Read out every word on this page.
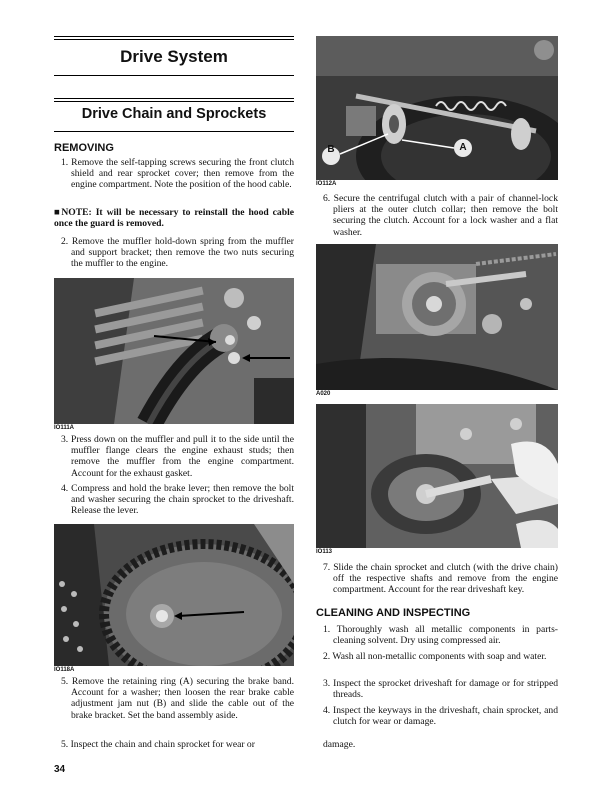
Drive System
Drive Chain and Sprockets
REMOVING
1. Remove the self-tapping screws securing the front clutch shield and rear sprocket cover; then remove from the engine compartment. Note the position of the hood cable.
■NOTE: It will be necessary to reinstall the hood cable once the guard is removed.
2. Remove the muffler hold-down spring from the muffler and support bracket; then remove the two nuts securing the muffler to the engine.
IO111A
3. Press down on the muffler and pull it to the side until the muffler flange clears the engine exhaust studs; then remove the muffler from the engine compartment. Account for the exhaust gasket.
4. Compress and hold the brake lever; then remove the bolt and washer securing the chain sprocket to the driveshaft. Release the lever.
IO118A
5. Remove the retaining ring (A) securing the brake band. Account for a washer; then loosen the rear brake cable adjustment jam nut (B) and slide the cable out of the brake bracket. Set the band assembly aside.
5. Inspect the chain and chain sprocket for wear or
B	A
IO112A
6. Secure the centrifugal clutch with a pair of channel-lock pliers at the outer clutch collar; then remove the bolt securing the clutch. Account for a lock washer and a flat washer.
A020
IO113
7. Slide the chain sprocket and clutch (with the drive chain) off the respective shafts and remove from the engine compartment. Account for the rear driveshaft key.
CLEANING AND INSPECTING
1. Thoroughly wash all metallic components in parts-cleaning solvent. Dry using compressed air.
2. Wash all non-metallic components with soap and water.
3. Inspect the sprocket driveshaft for damage or for stripped threads.
4. Inspect the keyways in the driveshaft, chain sprocket, and clutch for wear or damage.
damage.
34
